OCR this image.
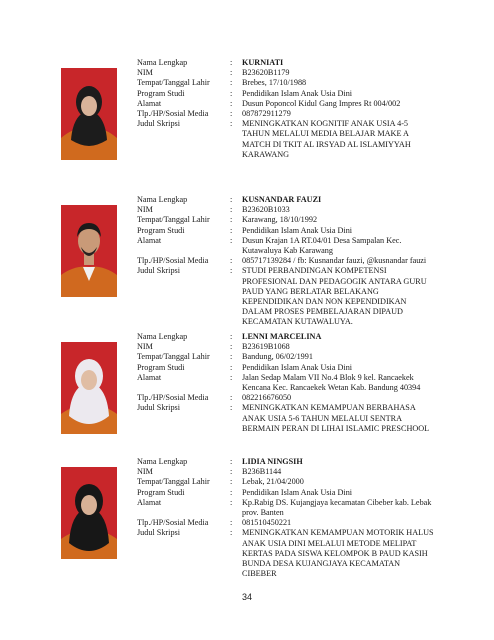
Nama Lengkap	:	KURNIATI
NIM	:	B23620B1179
Tempat/Tanggal Lahir	:	Brebes, 17/10/1988
Program Studi	:	Pendidikan Islam Anak Usia Dini
Alamat	:	Dusun Poponcol Kidul Gang Impres Rt 004/002
Tlp./HP/Sosial Media	:	087872911279
Judul Skripsi	:	MENINGKATKAN KOGNITIF ANAK USIA 4-5
TAHUN MELALUI MEDIA BELAJAR MAKE A
MATCH DI TKIT AL IRSYAD AL ISLAMIYYAH
KARAWANG
Nama Lengkap	:	KUSNANDAR FAUZI
NIM	:	B23620B1033
Tempat/Tanggal Lahir	:	Karawang, 18/10/1992
Program Studi	:	Pendidikan Islam Anak Usia Dini
Alamat	:	Dusun Krajan 1A RT.04/01 Desa Sampalan Kec.
Kutawaluya Kab Karawang
Tlp./HP/Sosial Media	:	085717139284 / fb: Kusnandar fauzi, @kusnandar fauzi
Judul Skripsi	:	STUDI PERBANDINGAN KOMPETENSI
PROFESIONAL DAN PEDAGOGIK ANTARA GURU
PAUD YANG BERLATAR BELAKANG
KEPENDIDIKAN DAN NON KEPENDIDIKAN
DALAM PROSES PEMBELAJARAN DIPAUD
KECAMATAN KUTAWALUYA.
Nama Lengkap	:	LENNI MARCELINA
NIM	:	B23619B1068
Tempat/Tanggal Lahir	:	Bandung, 06/02/1991
Program Studi	:	Pendidikan Islam Anak Usia Dini
Alamat	:	Jalan Sedap Malam VII No.4 Blok 9 kel. Rancaekek
Kencana Kec. Rancaekek Wetan Kab. Bandung 40394
Tlp./HP/Sosial Media	:	082216676050
Judul Skripsi	:	MENINGKATKAN KEMAMPUAN BERBAHASA
ANAK USIA 5-6 TAHUN MELALUI SENTRA
BERMAIN PERAN DI LIHAI ISLAMIC PRESCHOOL
Nama Lengkap	:	LIDIA NINGSIH
NIM	:	B236B1144
Tempat/Tanggal Lahir	:	Lebak, 21/04/2000
Program Studi	:	Pendidikan Islam Anak Usia Dini
Alamat	:	Kp.Rabig DS. Kujangjaya kecamatan Cibeber kab. Lebak
prov. Banten
Tlp./HP/Sosial Media	:	081510450221
Judul Skripsi	:	MENINGKATKAN KEMAMPUAN MOTORIK HALUS
ANAK USIA DINI MELALUI METODE MELIPAT
KERTAS PADA SISWA KELOMPOK B PAUD KASIH
BUNDA DESA KUJANGJAYA KECAMATAN
CIBEBER
34
